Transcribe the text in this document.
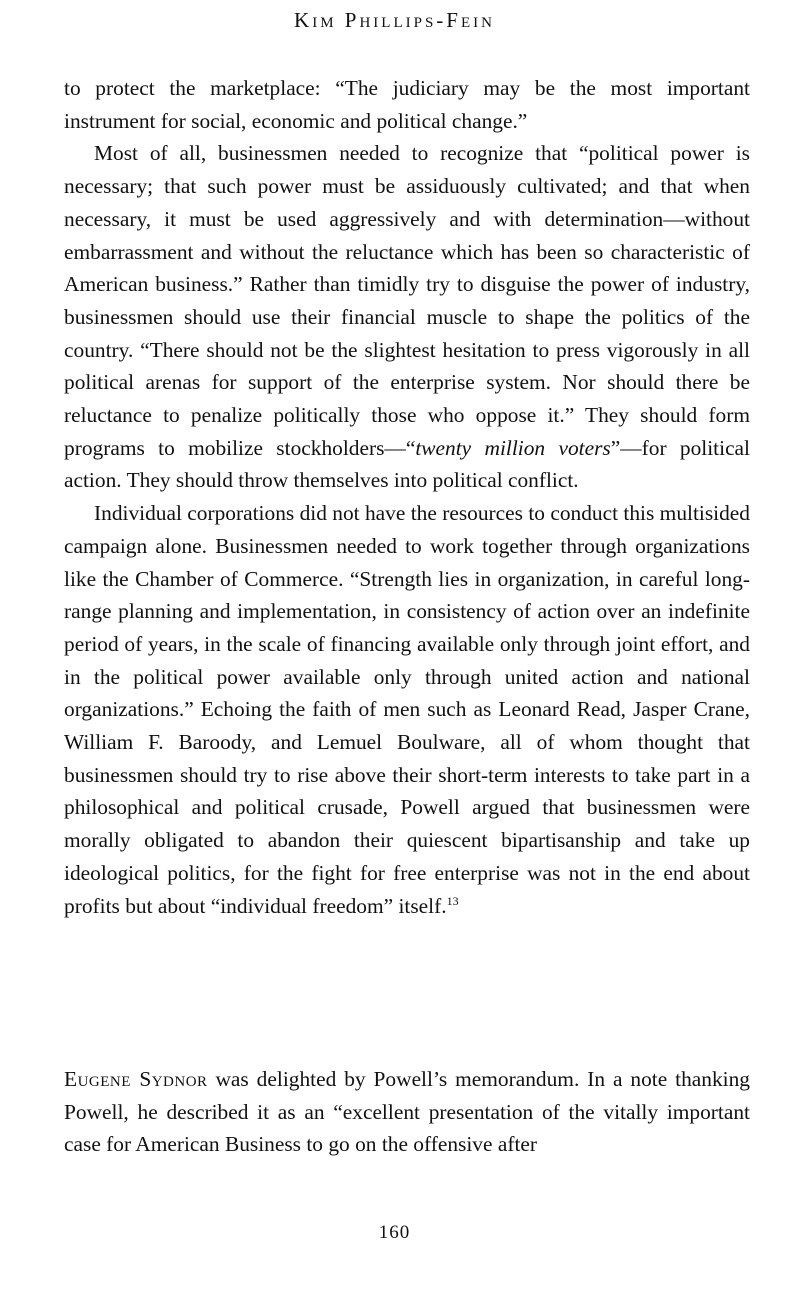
Kim Phillips-Fein

to protect the marketplace: “The judiciary may be the most important instrument for social, economic and political change.”

Most of all, businessmen needed to recognize that “political power is necessary; that such power must be assiduously cultivated; and that when necessary, it must be used aggressively and with determination—without embarrassment and without the reluctance which has been so characteristic of American business.” Rather than timidly try to disguise the power of industry, businessmen should use their financial muscle to shape the politics of the country. “There should not be the slightest hesitation to press vigorously in all political arenas for support of the enterprise system. Nor should there be reluctance to penalize politically those who oppose it.” They should form programs to mobilize stockholders—“twenty million voters”—for political action. They should throw themselves into political conflict.

Individual corporations did not have the resources to conduct this multisided campaign alone. Businessmen needed to work together through organizations like the Chamber of Commerce. “Strength lies in organization, in careful long-range planning and implementation, in consistency of action over an indefinite period of years, in the scale of financing available only through joint effort, and in the political power available only through united action and national organizations.” Echoing the faith of men such as Leonard Read, Jasper Crane, William F. Baroody, and Lemuel Boulware, all of whom thought that businessmen should try to rise above their short-term interests to take part in a philosophical and political crusade, Powell argued that businessmen were morally obligated to abandon their quiescent bipartisanship and take up ideological politics, for the fight for free enterprise was not in the end about profits but about “individual freedom” itself.$^{13}$

Eugene Sydnor was delighted by Powell’s memorandum. In a note thanking Powell, he described it as an “excellent presentation of the vitally important case for American Business to go on the offensive after

160
